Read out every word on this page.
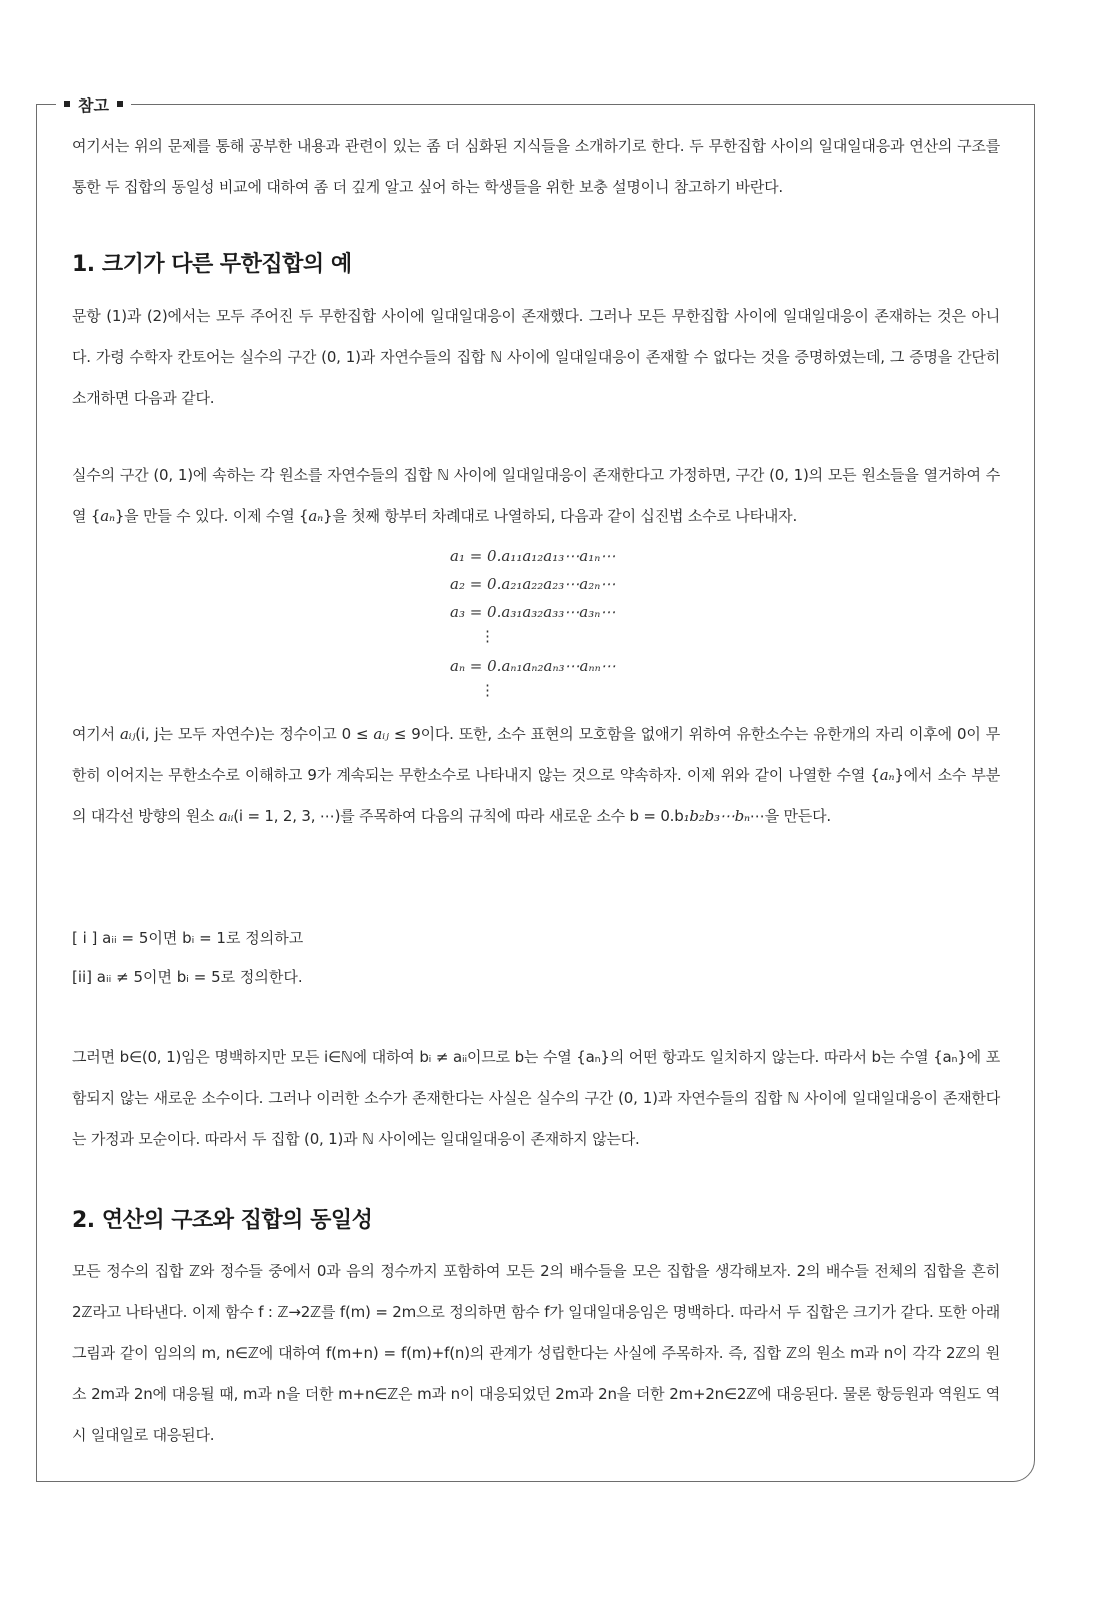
참고

여기서는 위의 문제를 통해 공부한 내용과 관련이 있는 좀 더 심화된 지식들을 소개하기로 한다. 두 무한집합 사이의 일대일대응과 연산의 구조를 통한 두 집합의 동일성 비교에 대하여 좀 더 깊게 알고 싶어 하는 학생들을 위한 보충 설명이니 참고하기 바란다.

1. 크기가 다른 무한집합의 예

문항 (1)과 (2)에서는 모두 주어진 두 무한집합 사이에 일대일대응이 존재했다. 그러나 모든 무한집합 사이에 일대일대응이 존재하는 것은 아니다. 가령 수학자 칸토어는 실수의 구간 (0, 1)과 자연수들의 집합 ℕ 사이에 일대일대응이 존재할 수 없다는 것을 증명하였는데, 그 증명을 간단히 소개하면 다음과 같다.

실수의 구간 (0, 1)에 속하는 각 원소를 자연수들의 집합 ℕ 사이에 일대일대응이 존재한다고 가정하면, 구간 (0, 1)의 모든 원소들을 열거하여 수열 {aₙ}을 만들 수 있다. 이제 수열 {aₙ}을 첫째 항부터 차례대로 나열하되, 다음과 같이 십진법 소수로 나타내자.

a₁ = 0.a₁₁a₁₂a₁₃⋯a₁ₙ⋯
a₂ = 0.a₂₁a₂₂a₂₃⋯a₂ₙ⋯
a₃ = 0.a₃₁a₃₂a₃₃⋯a₃ₙ⋯
⋮
aₙ = 0.aₙ₁aₙ₂aₙ₃⋯aₙₙ⋯
⋮

여기서 aᵢⱼ(i, j는 모두 자연수)는 정수이고 0 ≤ aᵢⱼ ≤ 9이다. 또한, 소수 표현의 모호함을 없애기 위하여 유한소수는 유한개의 자리 이후에 0이 무한히 이어지는 무한소수로 이해하고 9가 계속되는 무한소수로 나타내지 않는 것으로 약속하자. 이제 위와 같이 나열한 수열 {aₙ}에서 소수 부분의 대각선 방향의 원소 aᵢᵢ(i = 1, 2, 3, ⋯)를 주목하여 다음의 규칙에 따라 새로운 소수 b = 0.b₁b₂b₃⋯bₙ⋯을 만든다.

[ i ] aᵢᵢ = 5이면 bᵢ = 1로 정의하고
[ii] aᵢᵢ ≠ 5이면 bᵢ = 5로 정의한다.

그러면 b∈(0, 1)임은 명백하지만 모든 i∈ℕ에 대하여 bᵢ ≠ aᵢᵢ이므로 b는 수열 {aₙ}의 어떤 항과도 일치하지 않는다. 따라서 b는 수열 {aₙ}에 포함되지 않는 새로운 소수이다. 그러나 이러한 소수가 존재한다는 사실은 실수의 구간 (0, 1)과 자연수들의 집합 ℕ 사이에 일대일대응이 존재한다는 가정과 모순이다. 따라서 두 집합 (0, 1)과 ℕ 사이에는 일대일대응이 존재하지 않는다.

2. 연산의 구조와 집합의 동일성

모든 정수의 집합 ℤ와 정수들 중에서 0과 음의 정수까지 포함하여 모든 2의 배수들을 모은 집합을 생각해보자. 2의 배수들 전체의 집합을 흔히 2ℤ라고 나타낸다. 이제 함수 f : ℤ→2ℤ를 f(m) = 2m으로 정의하면 함수 f가 일대일대응임은 명백하다. 따라서 두 집합은 크기가 같다. 또한 아래 그림과 같이 임의의 m, n∈ℤ에 대하여 f(m+n) = f(m)+f(n)의 관계가 성립한다는 사실에 주목하자. 즉, 집합 ℤ의 원소 m과 n이 각각 2ℤ의 원소 2m과 2n에 대응될 때, m과 n을 더한 m+n∈ℤ은 m과 n이 대응되었던 2m과 2n을 더한 2m+2n∈2ℤ에 대응된다. 물론 항등원과 역원도 역시 일대일로 대응된다.
